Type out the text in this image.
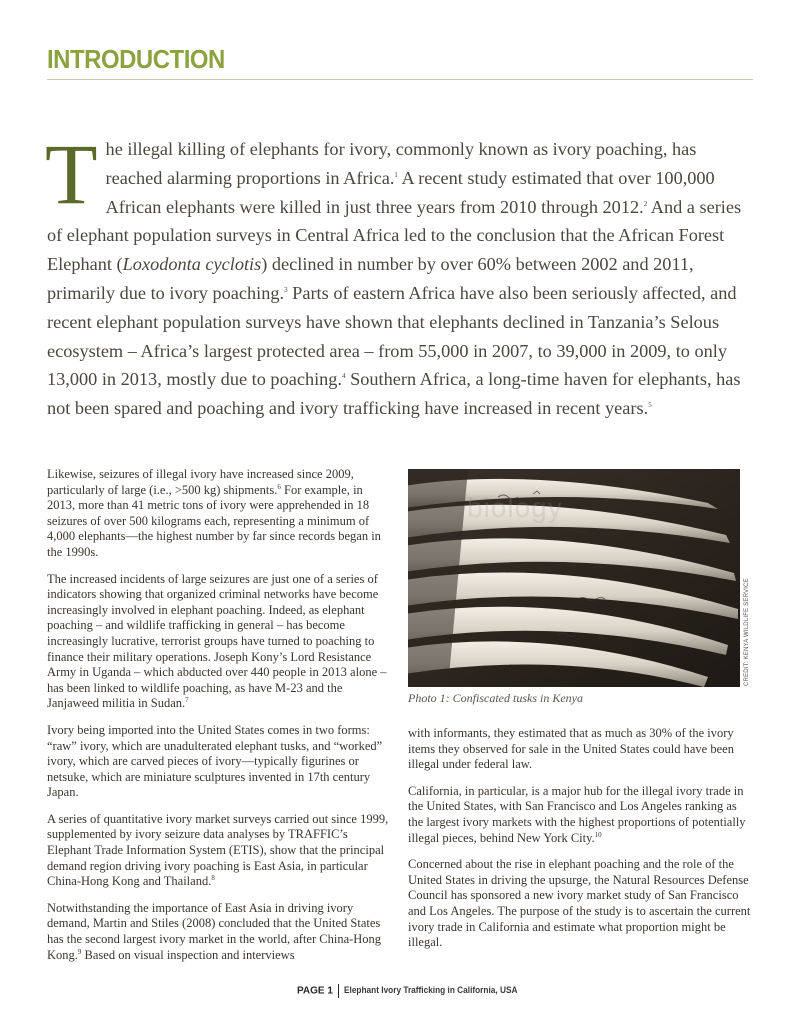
INTRODUCTION

The illegal killing of elephants for ivory, commonly known as ivory poaching, has reached alarming proportions in Africa.$^1$ A recent study estimated that over 100,000 African elephants were killed in just three years from 2010 through 2012.$^2$ And a series of elephant population surveys in Central Africa led to the conclusion that the African Forest Elephant (Loxodonta cyclotis) declined in number by over 60% between 2002 and 2011, primarily due to ivory poaching.$^3$ Parts of eastern Africa have also been seriously affected, and recent elephant population surveys have shown that elephants declined in Tanzania’s Selous ecosystem – Africa’s largest protected area – from 55,000 in 2007, to 39,000 in 2009, to only 13,000 in 2013, mostly due to poaching.$^4$ Southern Africa, a long-time haven for elephants, has not been spared and poaching and ivory trafficking have increased in recent years.$^5$

Likewise, seizures of illegal ivory have increased since 2009, particularly of large (i.e., >500 kg) shipments.$^6$ For example, in 2013, more than 41 metric tons of ivory were apprehended in 18 seizures of over 500 kilograms each, representing a minimum of 4,000 elephants—the highest number by far since records began in the 1990s.

The increased incidents of large seizures are just one of a series of indicators showing that organized criminal networks have become increasingly involved in elephant poaching. Indeed, as elephant poaching – and wildlife trafficking in general – has become increasingly lucrative, terrorist groups have turned to poaching to finance their military operations. Joseph Kony’s Lord Resistance Army in Uganda – which abducted over 440 people in 2013 alone – has been linked to wildlife poaching, as have M-23 and the Janjaweed militia in Sudan.$^7$

Ivory being imported into the United States comes in two forms: “raw” ivory, which are unadulterated elephant tusks, and “worked” ivory, which are carved pieces of ivory—typically figurines or netsuke, which are miniature sculptures invented in 17th century Japan.

A series of quantitative ivory market surveys carried out since 1999, supplemented by ivory seizure data analyses by TRAFFIC’s Elephant Trade Information System (ETIS), show that the principal demand region driving ivory poaching is East Asia, in particular China-Hong Kong and Thailand.$^8$

Notwithstanding the importance of East Asia in driving ivory demand, Martin and Stiles (2008) concluded that the United States has the second largest ivory market in the world, after China-Hong Kong.$^9$ Based on visual inspection and interviews

biology
CREDIT: KENYA WILDLIFE SERVICE
Photo 1: Confiscated tusks in Kenya

with informants, they estimated that as much as 30% of the ivory items they observed for sale in the United States could have been illegal under federal law.

California, in particular, is a major hub for the illegal ivory trade in the United States, with San Francisco and Los Angeles ranking as the largest ivory markets with the highest proportions of potentially illegal pieces, behind New York City.$^{10}$

Concerned about the rise in elephant poaching and the role of the United States in driving the upsurge, the Natural Resources Defense Council has sponsored a new ivory market study of San Francisco and Los Angeles. The purpose of the study is to ascertain the current ivory trade in California and estimate what proportion might be illegal.

PAGE 1 Elephant Ivory Trafficking in California, USA
